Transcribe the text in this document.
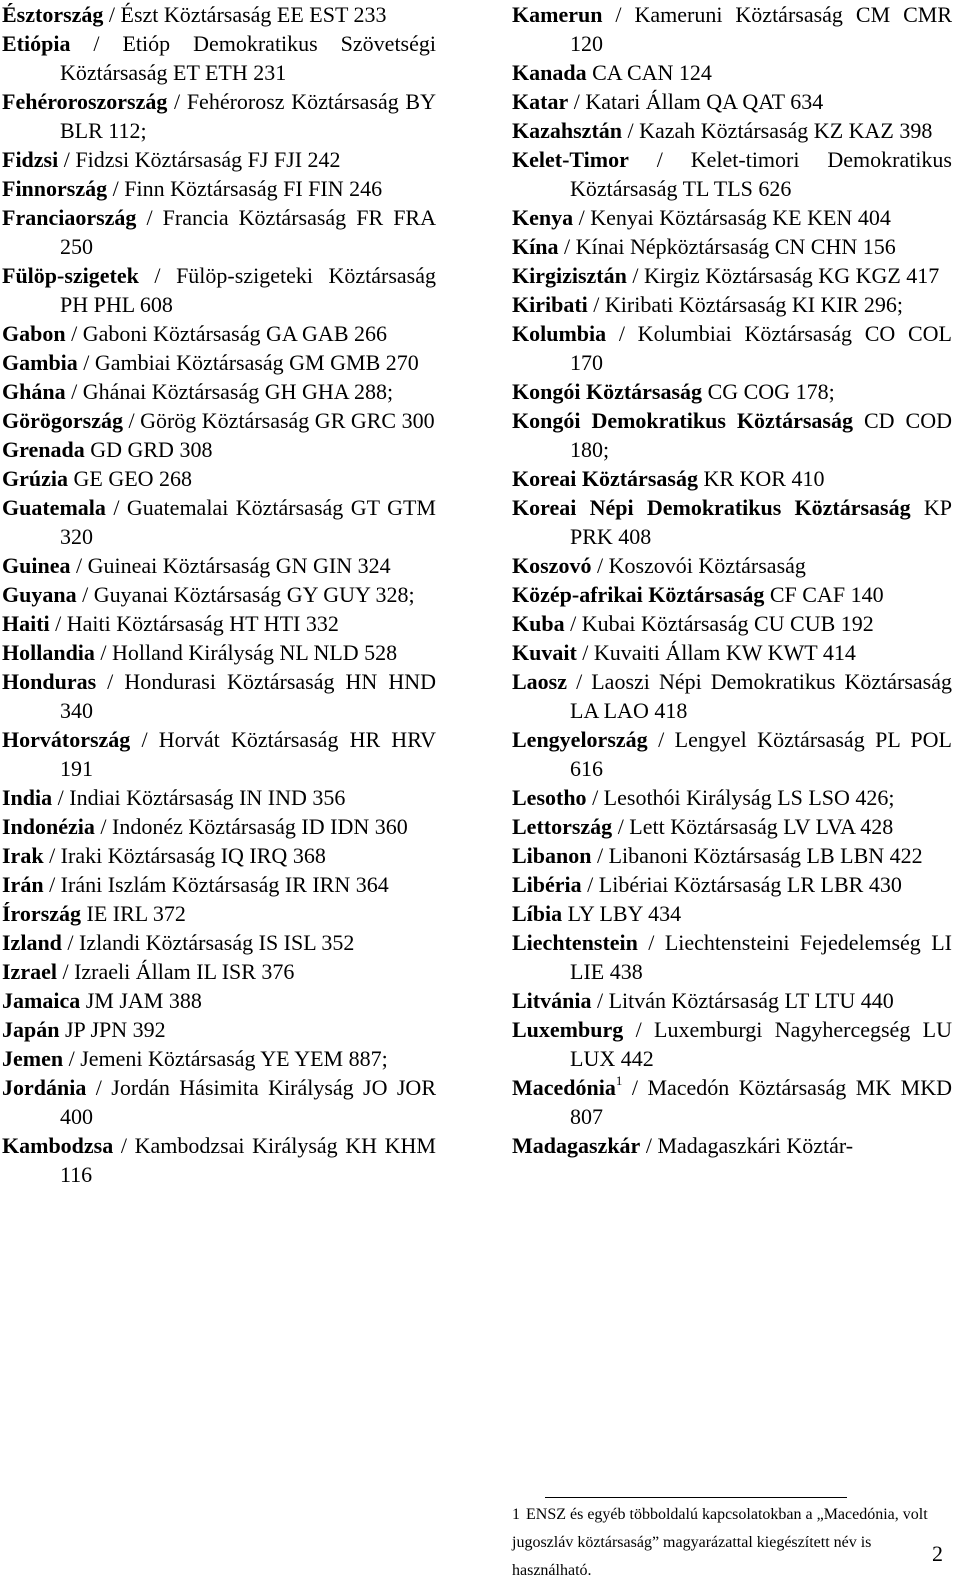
Észtország / Észt Köztársaság EE EST 233

Etiópia / Etióp Demokratikus Szövetségi Köztársaság ET ETH 231

Fehéroroszország / Fehérorosz Köztársaság BY BLR 112;

Fidzsi / Fidzsi Köztársaság FJ FJI 242

Finnország / Finn Köztársaság FI FIN 246

Franciaország / Francia Köztársaság FR FRA 250

Fülöp-szigetek / Fülöp-szigeteki Köztársaság PH PHL 608

Gabon / Gaboni Köztársaság GA GAB 266

Gambia / Gambiai Köztársaság GM GMB 270

Ghána / Ghánai Köztársaság GH GHA 288;

Görögország / Görög Köztársaság GR GRC 300

Grenada GD GRD 308

Grúzia GE GEO 268

Guatemala / Guatemalai Köztársaság GT GTM 320

Guinea / Guineai Köztársaság GN GIN 324

Guyana / Guyanai Köztársaság GY GUY 328;

Haiti / Haiti Köztársaság HT HTI 332

Hollandia / Holland Királyság NL NLD 528

Honduras / Hondurasi Köztársaság HN HND 340

Horvátország / Horvát Köztársaság HR HRV 191

India / Indiai Köztársaság IN IND 356

Indonézia / Indonéz Köztársaság ID IDN 360

Irak / Iraki Köztársaság IQ IRQ 368

Irán / Iráni Iszlám Köztársaság IR IRN 364

Írország IE IRL 372

Izland / Izlandi Köztársaság IS ISL 352

Izrael / Izraeli Állam IL ISR 376

Jamaica JM JAM 388

Japán JP JPN 392

Jemen / Jemeni Köztársaság YE YEM 887;

Jordánia / Jordán Hásimita Királyság JO JOR 400

Kambodzsa / Kambodzsai Királyság KH KHM 116

Kamerun / Kameruni Köztársaság CM CMR 120

Kanada CA CAN 124

Katar / Katari Állam QA QAT 634

Kazahsztán / Kazah Köztársaság KZ KAZ 398

Kelet-Timor / Kelet-timori Demokratikus Köztársaság TL TLS 626

Kenya / Kenyai Köztársaság KE KEN 404

Kína / Kínai Népköztársaság CN CHN 156

Kirgizisztán / Kirgiz Köztársaság KG KGZ 417

Kiribati / Kiribati Köztársaság KI KIR 296;

Kolumbia / Kolumbiai Köztársaság CO COL 170

Kongói Köztársaság CG COG 178;

Kongói Demokratikus Köztársaság CD COD 180;

Koreai Köztársaság KR KOR 410

Koreai Népi Demokratikus Köztársaság KP PRK 408

Koszovó / Koszovói Köztársaság

Közép-afrikai Köztársaság CF CAF 140

Kuba / Kubai Köztársaság CU CUB 192

Kuvait / Kuvaiti Állam KW KWT 414

Laosz / Laoszi Népi Demokratikus Köztársaság LA LAO 418

Lengyelország / Lengyel Köztársaság PL POL 616

Lesotho / Lesothói Királyság LS LSO 426;

Lettország / Lett Köztársaság LV LVA 428

Libanon / Libanoni Köztársaság LB LBN 422

Libéria / Libériai Köztársaság LR LBR 430

Líbia LY LBY 434

Liechtenstein / Liechtensteini Fejedelemség LI LIE 438

Litvánia / Litván Köztársaság LT LTU 440

Luxemburg / Luxemburgi Nagyhercegség LU LUX 442

Macedónia$^1$ / Macedón Köztársaság MK MKD 807

Madagaszkár / Madagaszkári Köztár-

1 ENSZ és egyéb többoldalú kapcsolatokban a „Macedónia, volt jugoszláv köztársaság” magyarázattal kiegészített név is használható.
2
